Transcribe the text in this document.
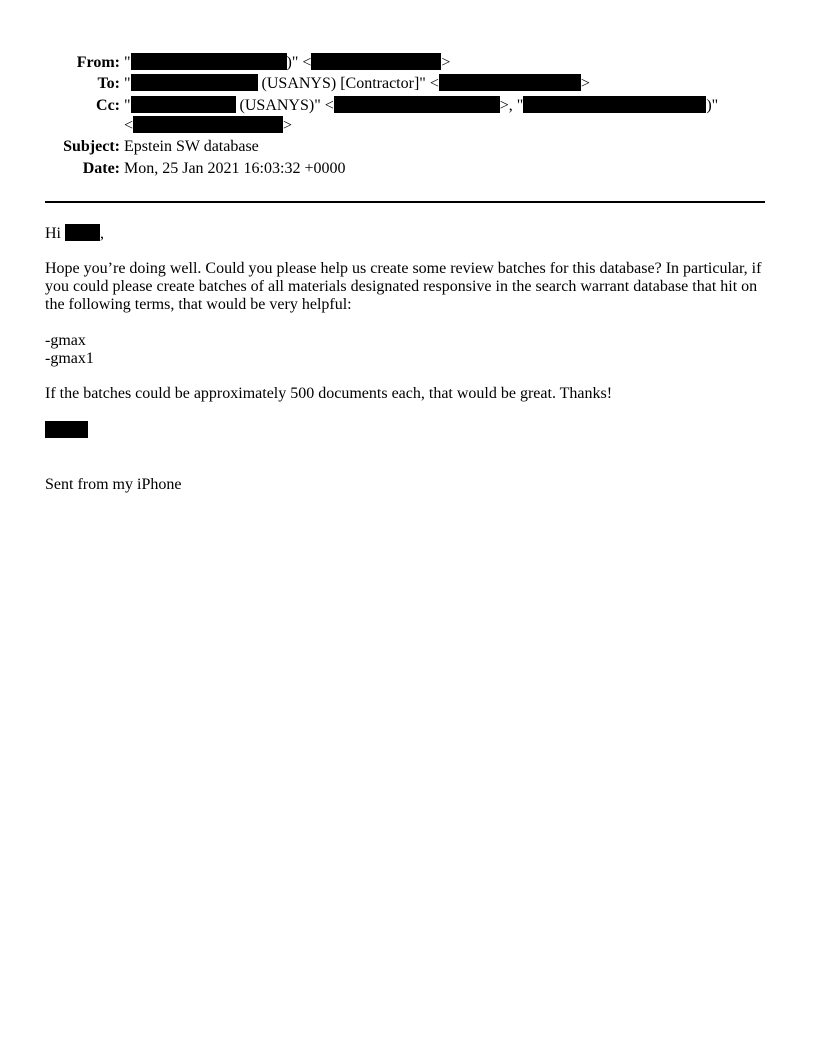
From: "	)" <	>
To: "	(USANYS) [Contractor]" <	>
Cc: "	(USANYS)" <	>, "	)"
<	>
Subject: Epstein SW database
Date: Mon, 25 Jan 2021 16:03:32 +0000
Hi ,
Hope you’re doing well. Could you please help us create some review batches for this database? In particular, if
you could please create batches of all materials designated responsive in the search warrant database that hit on
the following terms, that would be very helpful:
-gmax
-gmax1
If the batches could be approximately 500 documents each, that would be great. Thanks!
Sent from my iPhone
